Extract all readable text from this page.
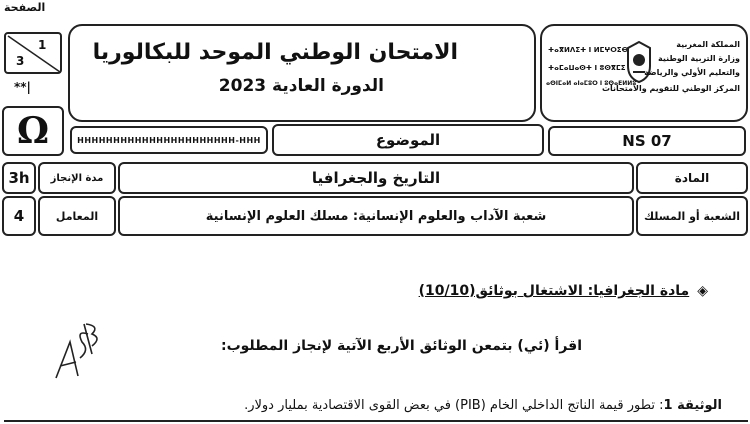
الصفحة
1
3
**|
Ω
الامتحان الوطني الموحد للبكالوريا
الدورة العادية 2023
ⵜⴰⴳⵍⴷⵉⵜ ⵏ ⵍⵎⵖⵔⵉⴱ
ⵜⴰⵎⴰⵡⴰⵙⵜ ⵏ ⵓⵙⴳⵎⵉ
ⴰⵙⵏⵎⴰⵍ ⴰⵏⴰⵎⵓⵔ ⵏ ⵓⵙⴰⴹⵍⵍⵓ
المملكة المغربية
وزارة التربية الوطنية
والتعليم الأولي والرياضة
المركز الوطني للتقويم والامتحانات
HHHHHHHHHHHHHHHHHHHHHH-HHH	الموضوع	NS 07
3h	مدة الإنجاز	التاريخ والجغرافيا	المادة
4	المعامل	شعبة الآداب والعلوم الإنسانية: مسلك العلوم الإنسانية	الشعبة أو المسلك
◈مادة الجغرافيا: الاشتغال بوثائق(10/10)
اقرأ (ئي) بتمعن الوثائق الأربع الآتية لإنجاز المطلوب:
الوثيقة 1: تطور قيمة الناتج الداخلي الخام (PIB) في بعض القوى الاقتصادية بمليار دولار.
